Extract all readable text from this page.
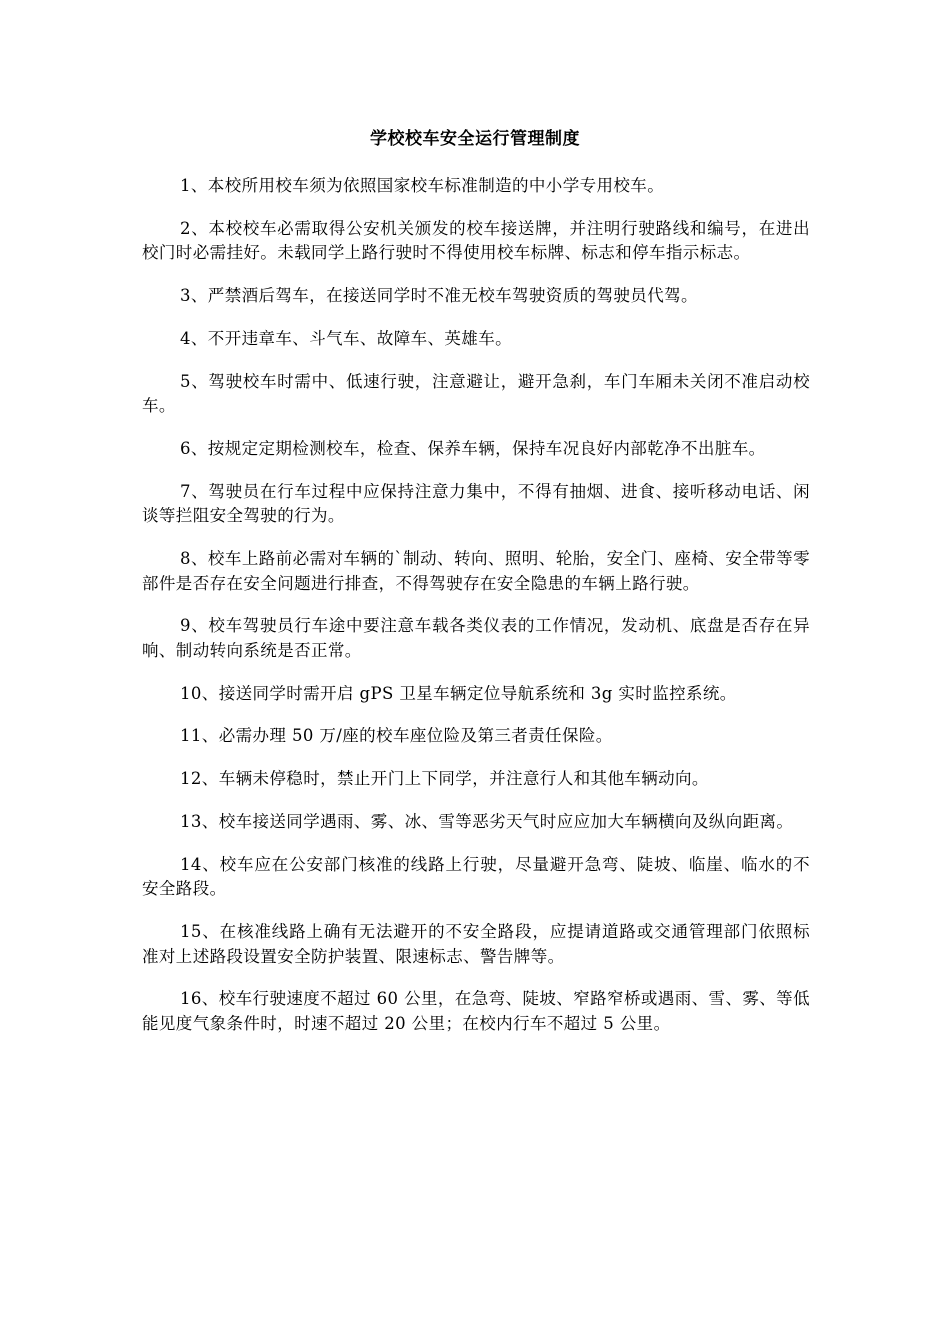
学校校车安全运行管理制度

1、本校所用校车须为依照国家校车标准制造的中小学专用校车。

2、本校校车必需取得公安机关颁发的校车接送牌，并注明行驶路线和编号，在进出校门时必需挂好。未载同学上路行驶时不得使用校车标牌、标志和停车指示标志。

3、严禁酒后驾车，在接送同学时不准无校车驾驶资质的驾驶员代驾。

4、不开违章车、斗气车、故障车、英雄车。

5、驾驶校车时需中、低速行驶，注意避让，避开急刹，车门车厢未关闭不准启动校车。

6、按规定定期检测校车，检查、保养车辆，保持车况良好内部乾净不出脏车。

7、驾驶员在行车过程中应保持注意力集中，不得有抽烟、进食、接听移动电话、闲谈等拦阻安全驾驶的行为。

8、校车上路前必需对车辆的`制动、转向、照明、轮胎，安全门、座椅、安全带等零部件是否存在安全问题进行排查，不得驾驶存在安全隐患的车辆上路行驶。

9、校车驾驶员行车途中要注意车载各类仪表的工作情况，发动机、底盘是否存在异响、制动转向系统是否正常。

10、接送同学时需开启 gPS 卫星车辆定位导航系统和 3g 实时监控系统。

11、必需办理 50 万/座的校车座位险及第三者责任保险。

12、车辆未停稳时，禁止开门上下同学，并注意行人和其他车辆动向。

13、校车接送同学遇雨、雾、冰、雪等恶劣天气时应应加大车辆横向及纵向距离。

14、校车应在公安部门核准的线路上行驶，尽量避开急弯、陡坡、临崖、临水的不安全路段。

15、在核准线路上确有无法避开的不安全路段，应提请道路或交通管理部门依照标准对上述路段设置安全防护装置、限速标志、警告牌等。

16、校车行驶速度不超过 60 公里，在急弯、陡坡、窄路窄桥或遇雨、雪、雾、等低能见度气象条件时，时速不超过 20 公里；在校内行车不超过 5 公里。
